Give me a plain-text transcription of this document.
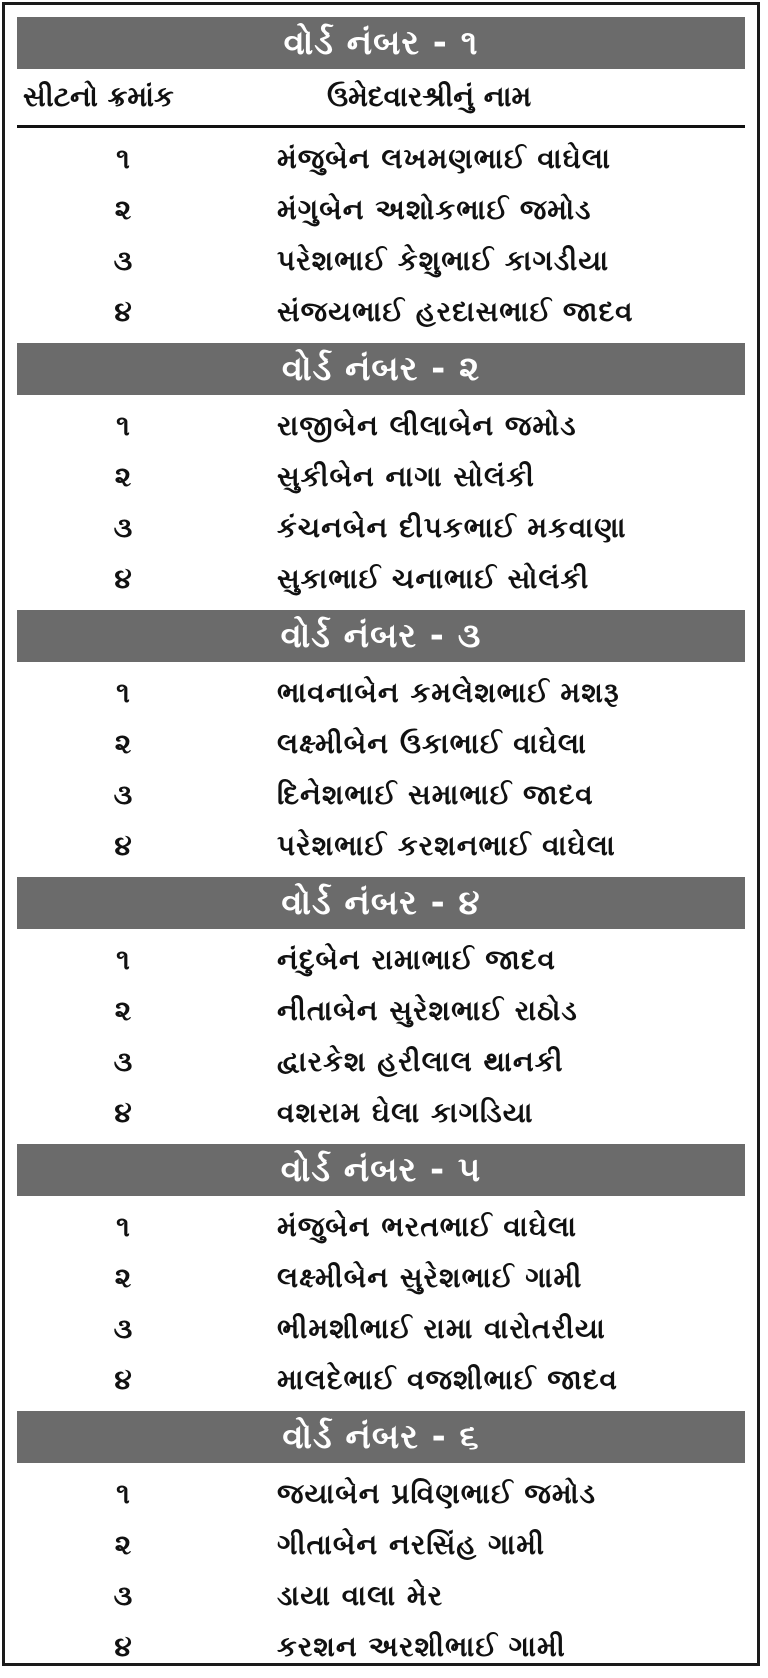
વોર્ડ નંબર - ૧
સીટનો ક્રમાંક	ઉમેદવારશ્રીનું નામ
૧	મંજુબેન લખમણભાઈ વાઘેલા
૨	મંગુબેન અશોકભાઈ જમોડ
૩	પરેશભાઈ કેશુભાઈ કાગડીયા
૪	સંજયભાઈ હરદાસભાઈ જાદવ
વોર્ડ નંબર - ૨
૧	રાજીબેન લીલાબેન જમોડ
૨	સુકીબેન નાગા સોલંકી
૩	કંચનબેન દીપકભાઈ મકવાણા
૪	સુકાભાઈ ચનાભાઈ સોલંકી
વોર્ડ નંબર - ૩
૧	ભાવનાબેન કમલેશભાઈ મશરૂ
૨	લક્ષ્મીબેન ઉકાભાઈ વાઘેલા
૩	દિનેશભાઈ સમાભાઈ જાદવ
૪	પરેશભાઈ કરશનભાઈ વાઘેલા
વોર્ડ નંબર - ૪
૧	નંદુબેન રામાભાઈ જાદવ
૨	નીતાબેન સુરેશભાઈ રાઠોડ
૩	દ્વારકેશ હરીલાલ થાનકી
૪	વશરામ ઘેલા કાગડિયા
વોર્ડ નંબર - ૫
૧	મંજુબેન ભરતભાઈ વાઘેલા
૨	લક્ષ્મીબેન સુરેશભાઈ ગામી
૩	ભીમશીભાઈ રામા વારોતરીયા
૪	માલદેભાઈ વજશીભાઈ જાદવ
વોર્ડ નંબર - ૬
૧	જયાબેન પ્રવિણભાઈ જમોડ
૨	ગીતાબેન નરસિંહ ગામી
૩	ડાયા વાલા મેર
૪	કરશન અરશીભાઈ ગામી
